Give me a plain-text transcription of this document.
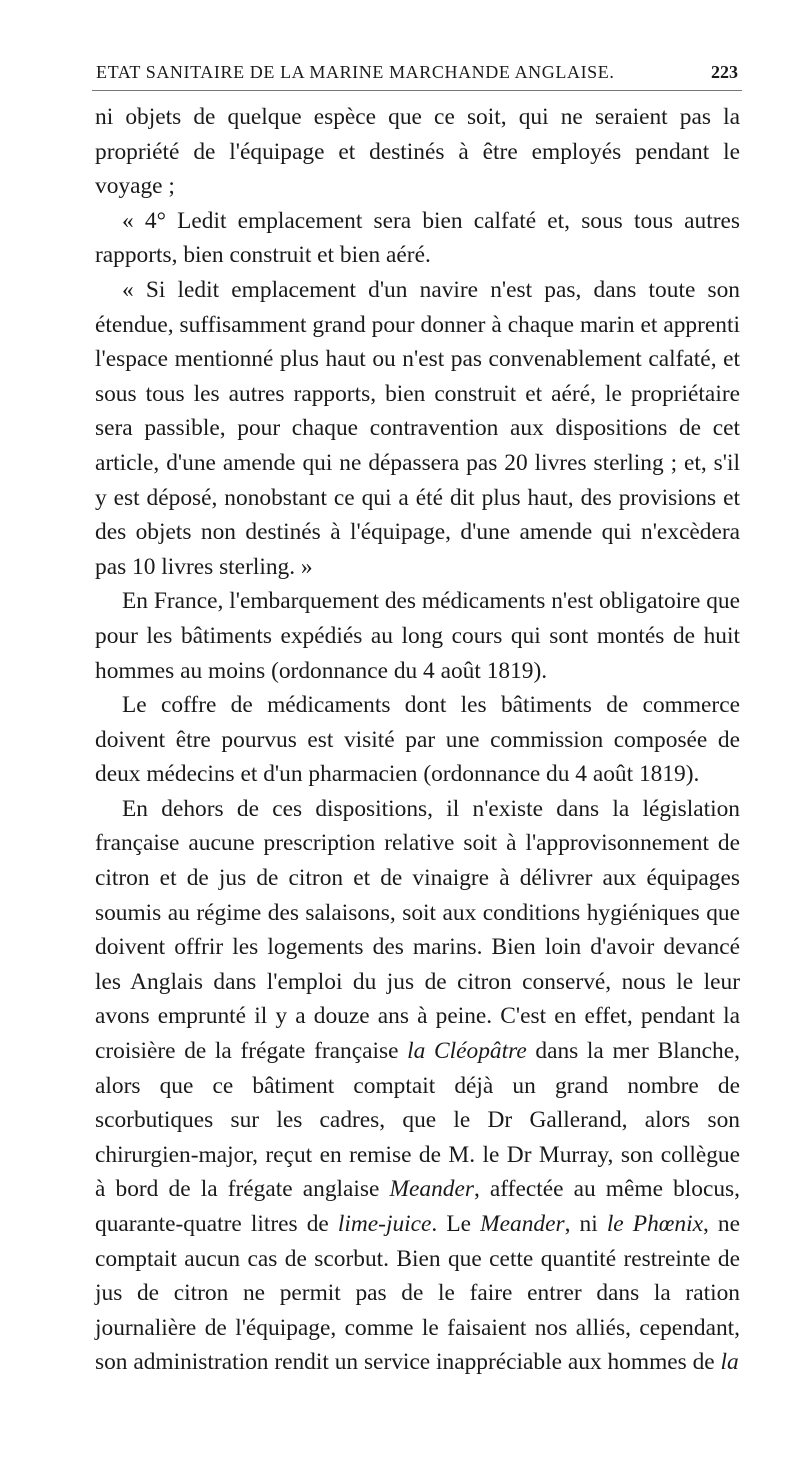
ETAT SANITAIRE DE LA MARINE MARCHANDE ANGLAISE.	223

ni objets de quelque espèce que ce soit, qui ne seraient pas la propriété de l'équipage et destinés à être employés pendant le voyage ;

« 4° Ledit emplacement sera bien calfaté et, sous tous autres rapports, bien construit et bien aéré.

« Si ledit emplacement d'un navire n'est pas, dans toute son étendue, suffisamment grand pour donner à chaque marin et apprenti l'espace mentionné plus haut ou n'est pas convenablement calfaté, et sous tous les autres rapports, bien construit et aéré, le propriétaire sera passible, pour chaque contravention aux dispositions de cet article, d'une amende qui ne dépassera pas 20 livres sterling ; et, s'il y est déposé, nonobstant ce qui a été dit plus haut, des provisions et des objets non destinés à l'équipage, d'une amende qui n'excèdera pas 10 livres sterling. »

En France, l'embarquement des médicaments n'est obligatoire que pour les bâtiments expédiés au long cours qui sont montés de huit hommes au moins (ordonnance du 4 août 1819).

Le coffre de médicaments dont les bâtiments de commerce doivent être pourvus est visité par une commission composée de deux médecins et d'un pharmacien (ordonnance du 4 août 1819).

En dehors de ces dispositions, il n'existe dans la législation française aucune prescription relative soit à l'approvisonnement de citron et de jus de citron et de vinaigre à délivrer aux équipages soumis au régime des salaisons, soit aux conditions hygiéniques que doivent offrir les logements des marins. Bien loin d'avoir devancé les Anglais dans l'emploi du jus de citron conservé, nous le leur avons emprunté il y a douze ans à peine. C'est en effet, pendant la croisière de la frégate française la Cléopâtre dans la mer Blanche, alors que ce bâtiment comptait déjà un grand nombre de scorbutiques sur les cadres, que le Dr Gallerand, alors son chirurgien-major, reçut en remise de M. le Dr Murray, son collègue à bord de la frégate anglaise Meander, affectée au même blocus, quarante-quatre litres de lime-juice. Le Meander, ni le Phœnix, ne comptait aucun cas de scorbut. Bien que cette quantité restreinte de jus de citron ne permit pas de le faire entrer dans la ration journalière de l'équipage, comme le faisaient nos alliés, cependant, son administration rendit un service inappréciable aux hommes de la
